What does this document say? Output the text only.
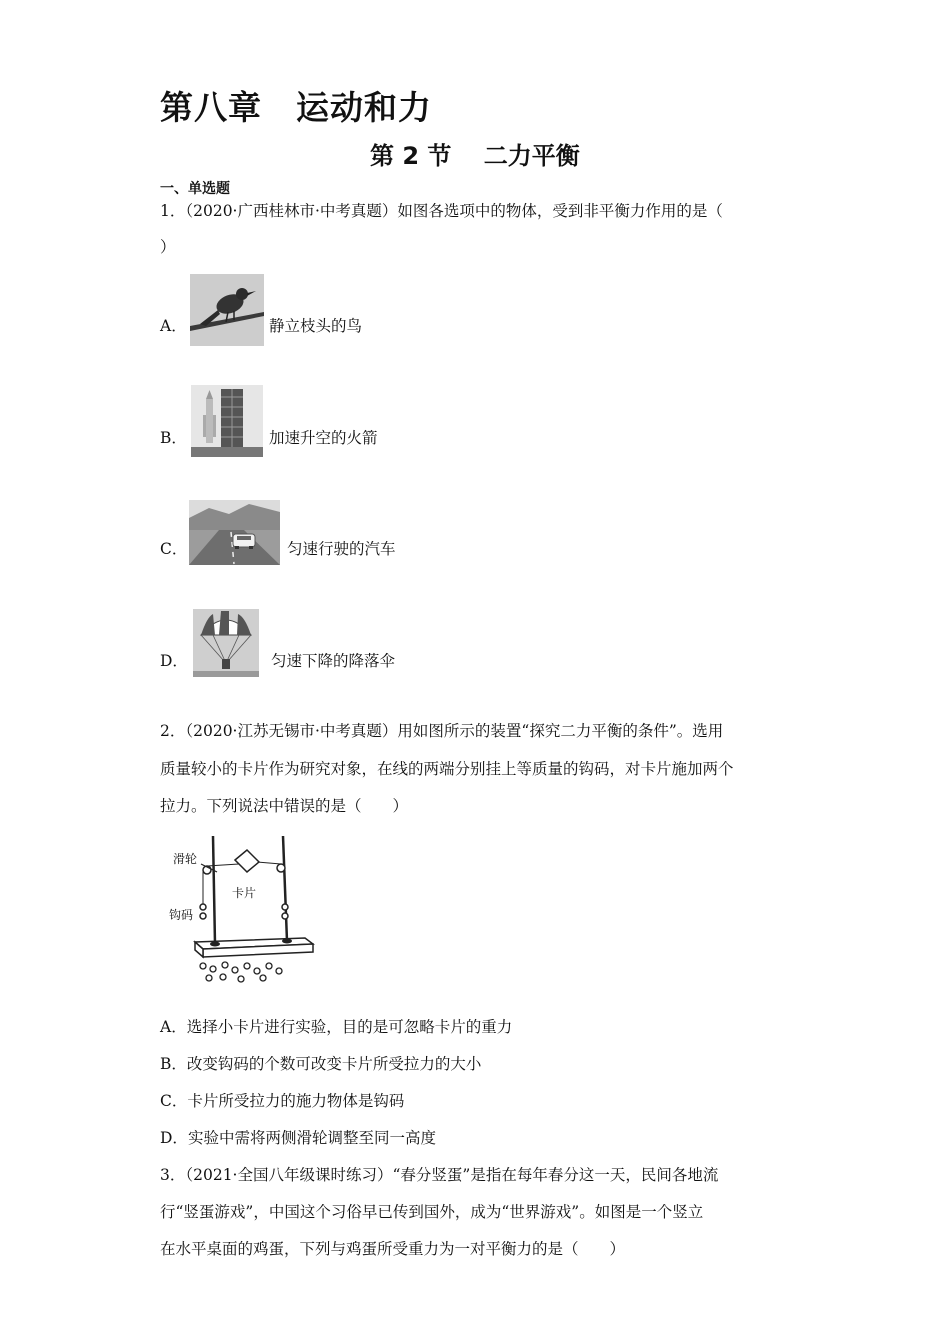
第八章　运动和力
第 2 节　 二力平衡
一、单选题
1．（2020·广西桂林市·中考真题）如图各选项中的物体，受到非平衡力作用的是（
）
A．	静立枝头的鸟
B．	加速升空的火箭
C．	匀速行驶的汽车
D．	匀速下降的降落伞
2．（2020·江苏无锡市·中考真题）用如图所示的装置“探究二力平衡的条件”。选用
质量较小的卡片作为研究对象，在线的两端分别挂上等质量的钩码，对卡片施加两个
拉力。下列说法中错误的是（　　）
滑轮
卡片
钩码
A．选择小卡片进行实验，目的是可忽略卡片的重力
B．改变钩码的个数可改变卡片所受拉力的大小
C．卡片所受拉力的施力物体是钩码
D．实验中需将两侧滑轮调整至同一高度
3．（2021·全国八年级课时练习）“春分竖蛋”是指在每年春分这一天，民间各地流
行“竖蛋游戏”，中国这个习俗早已传到国外，成为“世界游戏”。如图是一个竖立
在水平桌面的鸡蛋，下列与鸡蛋所受重力为一对平衡力的是（　　）
